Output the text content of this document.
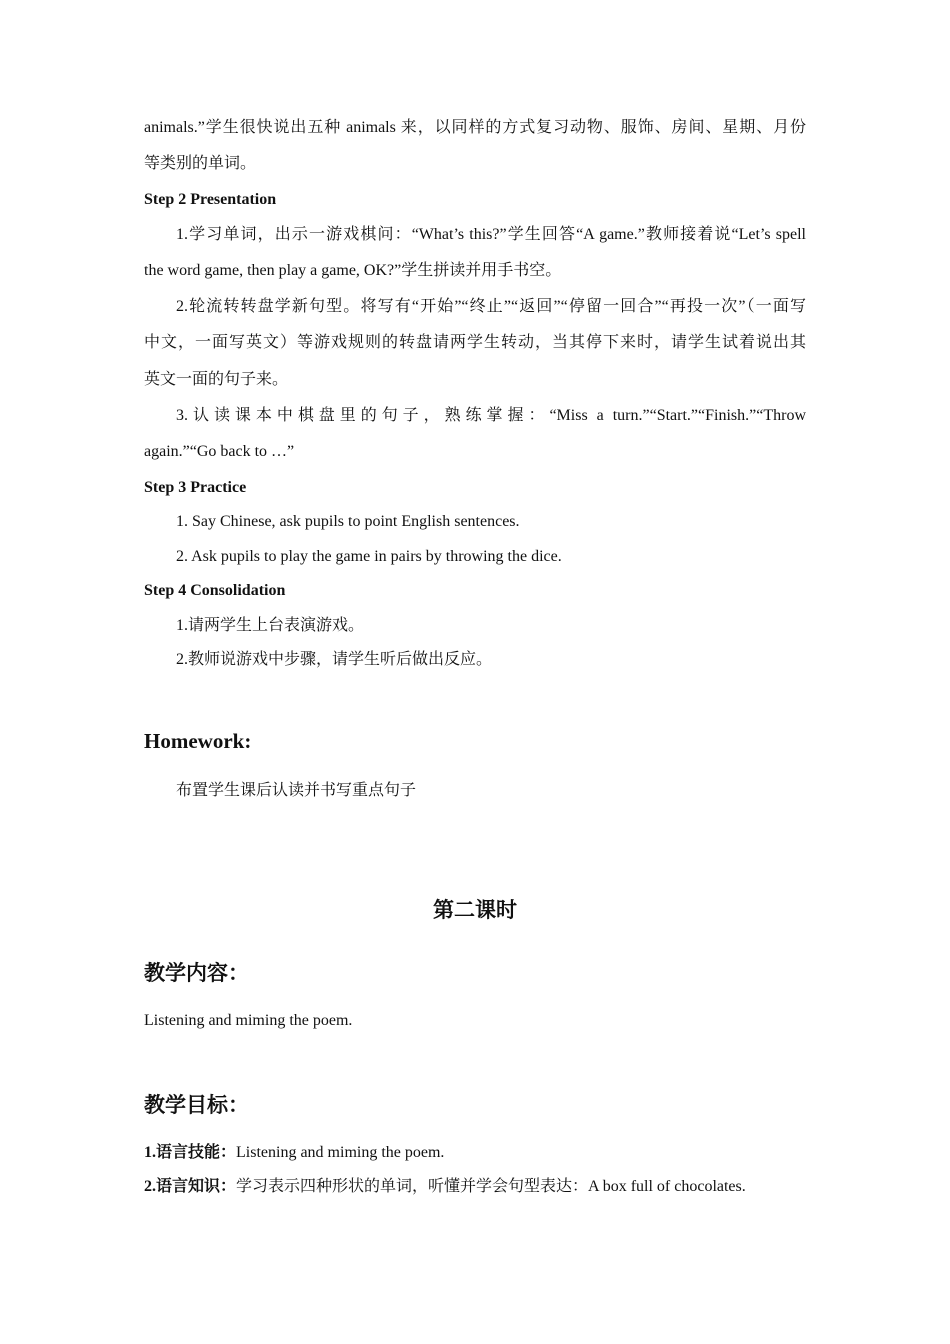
animals.”学生很快说出五种 animals 来，以同样的方式复习动物、服饰、房间、星期、月份
等类别的单词。
Step 2 Presentation
1.学习单词，出示一游戏棋问：“What’s this?”学生回答“A game.”教师接着说“Let’s spell
the word game, then play a game, OK?”学生拼读并用手书空。
2.轮流转转盘学新句型。将写有“开始”“终止”“返回”“停留一回合”“再投一次”（一面写
中文，一面写英文）等游戏规则的转盘请两学生转动，当其停下来时，请学生试着说出其
英文一面的句子来。
3.认读课本中棋盘里的句子，熟练掌握：“Miss a turn.”“Start.”“Finish.”“Throw
again.”“Go back to …”
Step 3 Practice
1. Say Chinese, ask pupils to point English sentences.
2. Ask pupils to play the game in pairs by throwing the dice.
Step 4 Consolidation
1.请两学生上台表演游戏。
2.教师说游戏中步骤，请学生听后做出反应。
Homework:
布置学生课后认读并书写重点句子
第二课时
教学内容：
Listening and miming the poem.
教学目标：
1.语言技能：Listening and miming the poem.
2.语言知识：学习表示四种形状的单词，听懂并学会句型表达：A box full of chocolates.
